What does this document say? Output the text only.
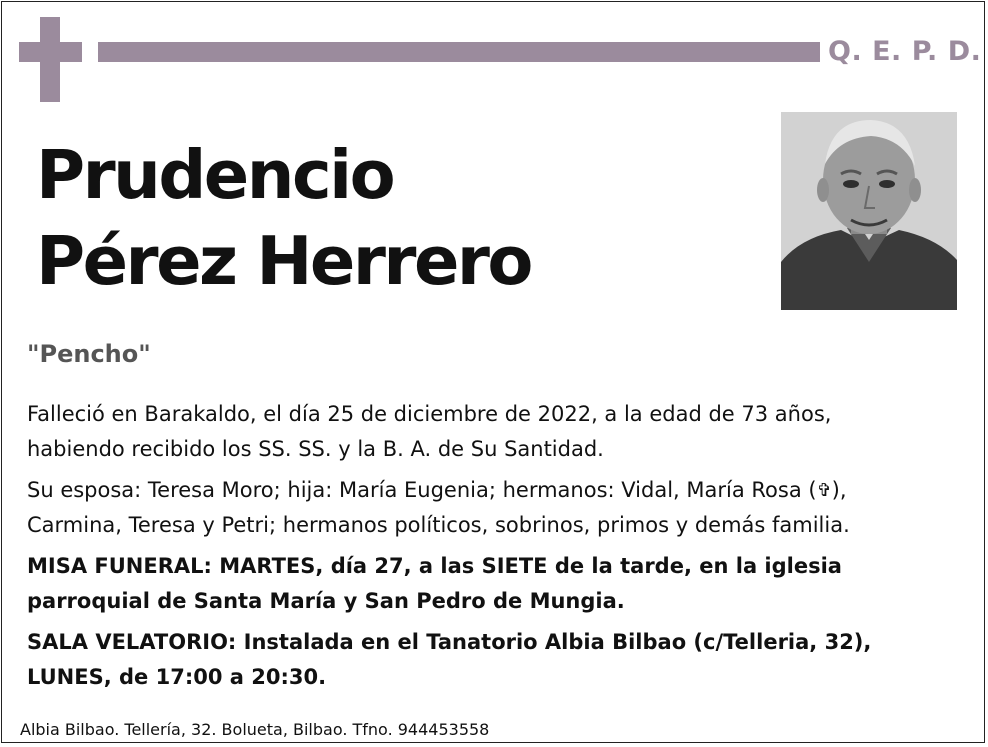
Q. E. P. D.
Prudencio
Pérez Herrero
"Pencho"

Falleció en Barakaldo, el día 25 de diciembre de 2022, a la edad de 73 años,
habiendo recibido los SS. SS. y la B. A. de Su Santidad.

Su esposa: Teresa Moro; hija: María Eugenia; hermanos: Vidal, María Rosa (✞),
Carmina, Teresa y Petri; hermanos políticos, sobrinos, primos y demás familia.

MISA FUNERAL: MARTES, día 27, a las SIETE de la tarde, en la iglesia
parroquial de Santa María y San Pedro de Mungia.

SALA VELATORIO: Instalada en el Tanatorio Albia Bilbao (c/Telleria, 32),
LUNES, de 17:00 a 20:30.

Albia Bilbao. Tellería, 32. Bolueta, Bilbao. Tfno. 944453558
